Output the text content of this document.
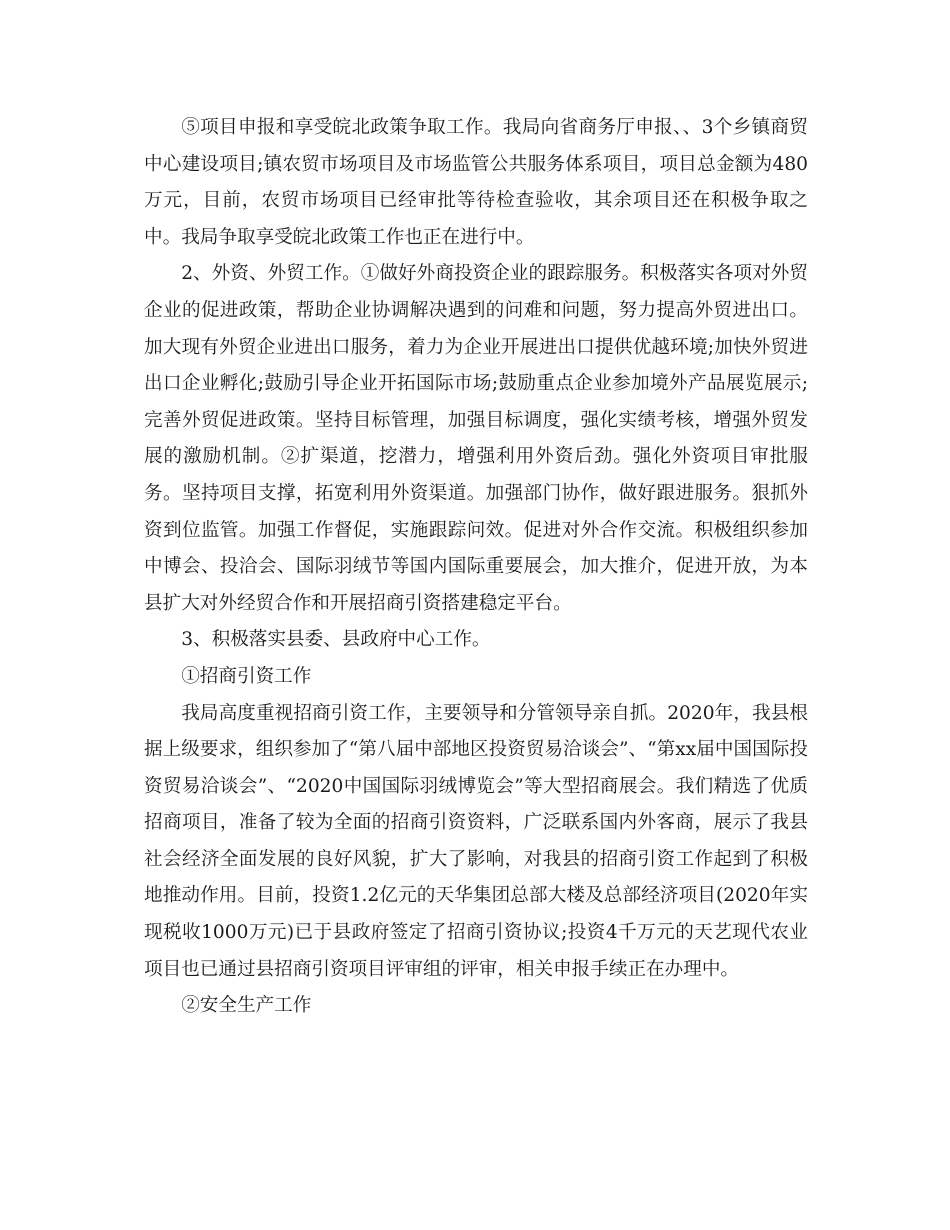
⑤项目申报和享受皖北政策争取工作。我局向省商务厅申报、、3个乡镇商贸中心建设项目;镇农贸市场项目及市场监管公共服务体系项目，项目总金额为480万元，目前，农贸市场项目已经审批等待检查验收，其余项目还在积极争取之中。我局争取享受皖北政策工作也正在进行中。

2、外资、外贸工作。①做好外商投资企业的跟踪服务。积极落实各项对外贸企业的促进政策，帮助企业协调解决遇到的问难和问题，努力提高外贸进出口。加大现有外贸企业进出口服务，着力为企业开展进出口提供优越环境;加快外贸进出口企业孵化;鼓励引导企业开拓国际市场;鼓励重点企业参加境外产品展览展示;完善外贸促进政策。坚持目标管理，加强目标调度，强化实绩考核，增强外贸发展的激励机制。②扩渠道，挖潜力，增强利用外资后劲。强化外资项目审批服务。坚持项目支撑，拓宽利用外资渠道。加强部门协作，做好跟进服务。狠抓外资到位监管。加强工作督促，实施跟踪问效。促进对外合作交流。积极组织参加中博会、投洽会、国际羽绒节等国内国际重要展会，加大推介，促进开放，为本县扩大对外经贸合作和开展招商引资搭建稳定平台。

3、积极落实县委、县政府中心工作。

①招商引资工作

我局高度重视招商引资工作，主要领导和分管领导亲自抓。2020年，我县根据上级要求，组织参加了“第八届中部地区投资贸易洽谈会”、“第xx届中国国际投资贸易洽谈会”、“2020中国国际羽绒博览会”等大型招商展会。我们精选了优质招商项目，准备了较为全面的招商引资资料，广泛联系国内外客商，展示了我县社会经济全面发展的良好风貌，扩大了影响，对我县的招商引资工作起到了积极地推动作用。目前，投资1.2亿元的天华集团总部大楼及总部经济项目(2020年实现税收1000万元)已于县政府签定了招商引资协议;投资4千万元的天艺现代农业项目也已通过县招商引资项目评审组的评审，相关申报手续正在办理中。

②安全生产工作
